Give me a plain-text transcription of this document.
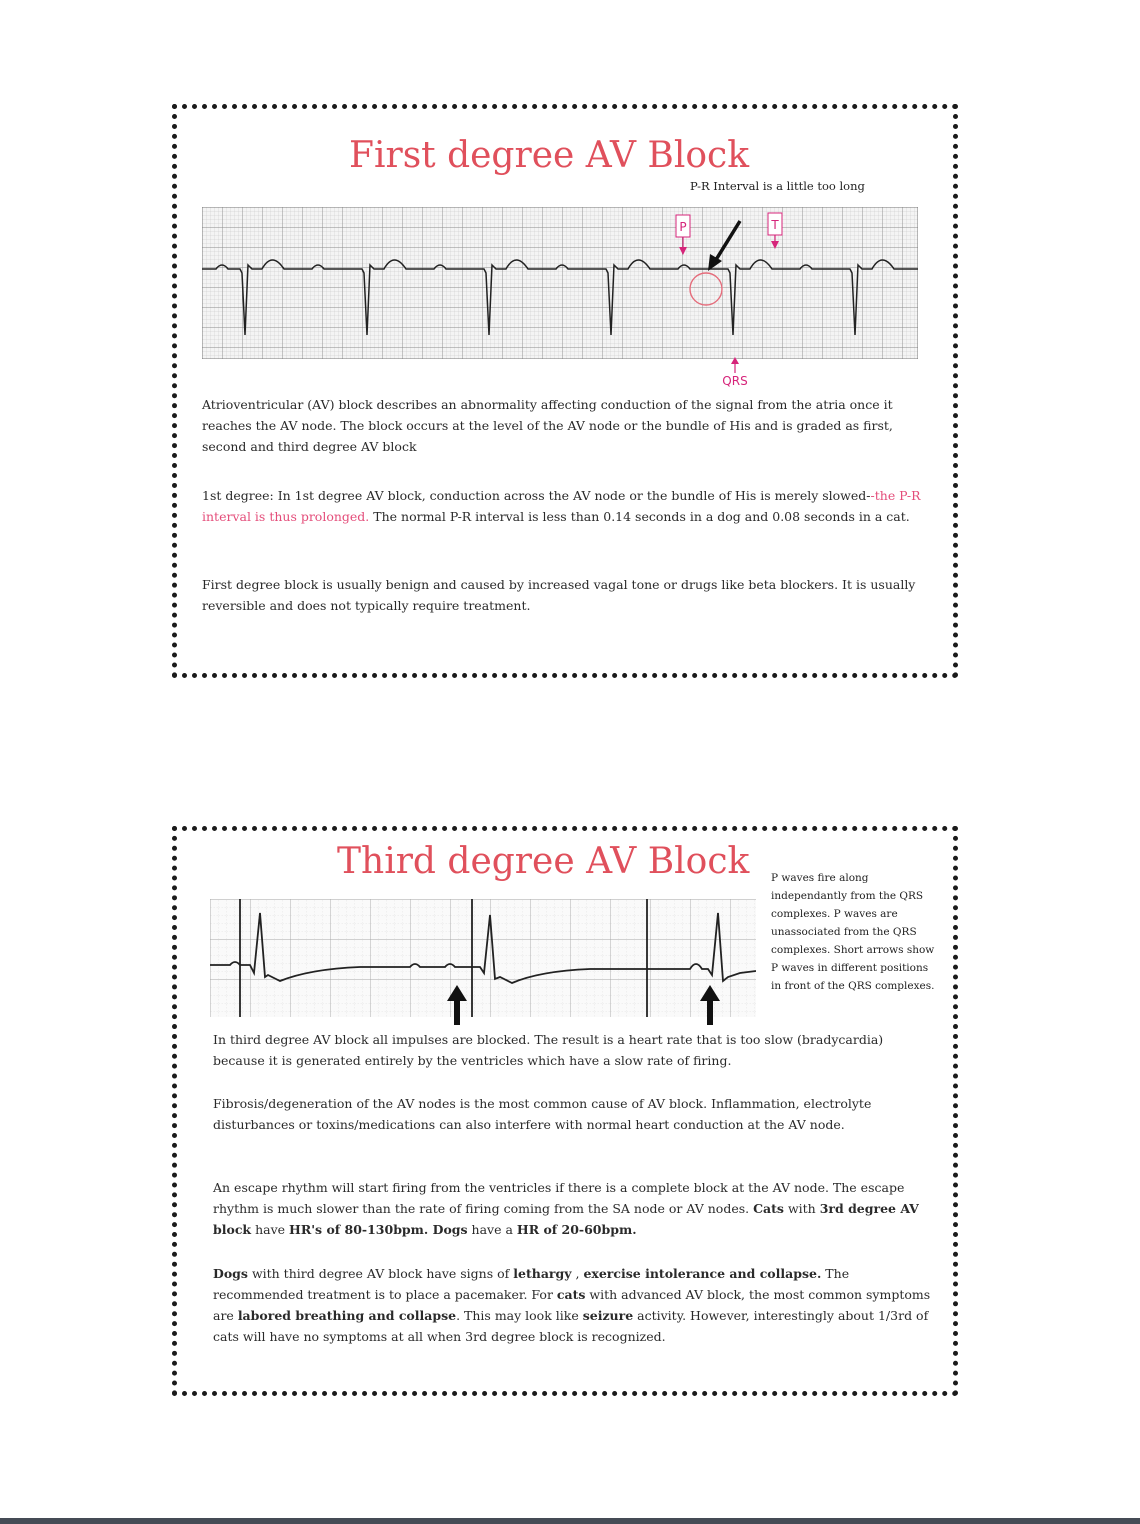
First degree AV Block
P-R Interval is a little too long
P	T
QRS

Atrioventricular (AV) block describes an abnormality affecting conduction of the signal from the atria once it reaches the AV node. The block occurs at the level of the AV node or the bundle of His and is graded as first, second and third degree AV block

1st degree: In 1st degree AV block, conduction across the AV node or the bundle of His is merely slowed--the P-R interval is thus prolonged. The normal P-R interval is less than 0.14 seconds in a dog and 0.08 seconds in a cat.

First degree block is usually benign and caused by increased vagal tone or drugs like beta blockers. It is usually reversible and does not typically require treatment.

Third degree AV Block P waves fire along independantly from the QRS complexes. P waves are unassociated from the QRS complexes. Short arrows show P waves in different positions in front of the QRS complexes.

In third degree AV block all impulses are blocked. The result is a heart rate that is too slow (bradycardia) because it is generated entirely by the ventricles which have a slow rate of firing.

Fibrosis/degeneration of the AV nodes is the most common cause of AV block. Inflammation, electrolyte disturbances or toxins/medications can also interfere with normal heart conduction at the AV node.

An escape rhythm will start firing from the ventricles if there is a complete block at the AV node. The escape rhythm is much slower than the rate of firing coming from the SA node or AV nodes. Cats with 3rd degree AV block have HR's of 80-130bpm. Dogs have a HR of 20-60bpm.

Dogs with third degree AV block have signs of lethargy , exercise intolerance and collapse. The recommended treatment is to place a pacemaker. For cats with advanced AV block, the most common symptoms are labored breathing and collapse. This may look like seizure activity. However, interestingly about 1/3rd of cats will have no symptoms at all when 3rd degree block is recognized.
